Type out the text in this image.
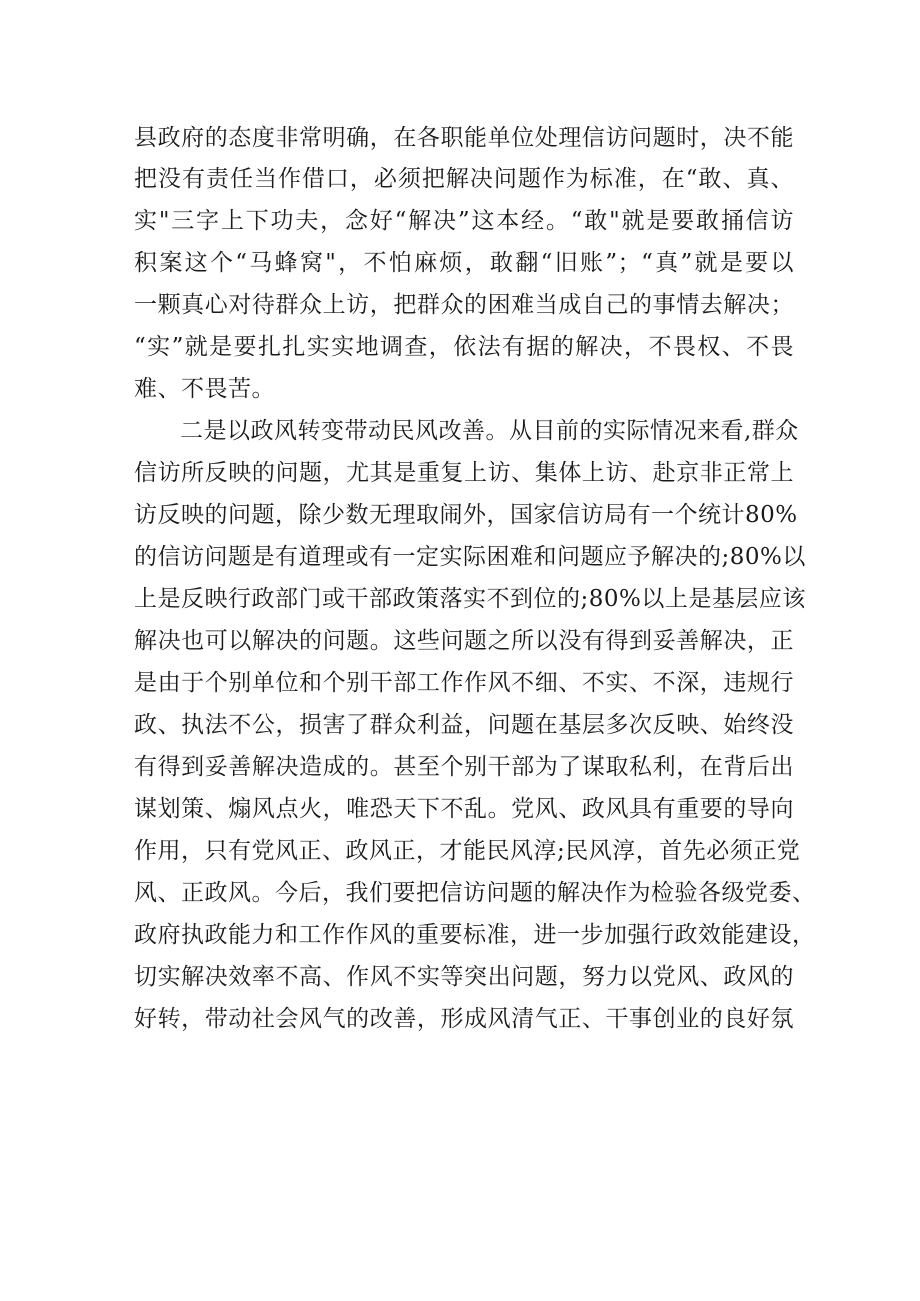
县政府的态度非常明确，在各职能单位处理信访问题时，决不能
把没有责任当作借口，必须把解决问题作为标准，在“敢、真、
实"三字上下功夫，念好“解决”这本经。“敢"就是要敢捅信访
积案这个“马蜂窝"，不怕麻烦，敢翻“旧账”；“真”就是要以
一颗真心对待群众上访，把群众的困难当成自己的事情去解决；
“实”就是要扎扎实实地调查，依法有据的解决，不畏权、不畏
难、不畏苦。
二是以政风转变带动民风改善。从目前的实际情况来看,群众
信访所反映的问题，尤其是重复上访、集体上访、赴京非正常上
访反映的问题，除少数无理取闹外，国家信访局有一个统计80%
的信访问题是有道理或有一定实际困难和问题应予解决的;80%以
上是反映行政部门或干部政策落实不到位的;80%以上是基层应该
解决也可以解决的问题。这些问题之所以没有得到妥善解决，正
是由于个别单位和个别干部工作作风不细、不实、不深，违规行
政、执法不公，损害了群众利益，问题在基层多次反映、始终没
有得到妥善解决造成的。甚至个别干部为了谋取私利，在背后出
谋划策、煽风点火，唯恐天下不乱。党风、政风具有重要的导向
作用，只有党风正、政风正，才能民风淳;民风淳，首先必须正党
风、正政风。今后，我们要把信访问题的解决作为检验各级党委、
政府执政能力和工作作风的重要标准，进一步加强行政效能建设，
切实解决效率不高、作风不实等突出问题，努力以党风、政风的
好转，带动社会风气的改善，形成风清气正、干事创业的良好氛
